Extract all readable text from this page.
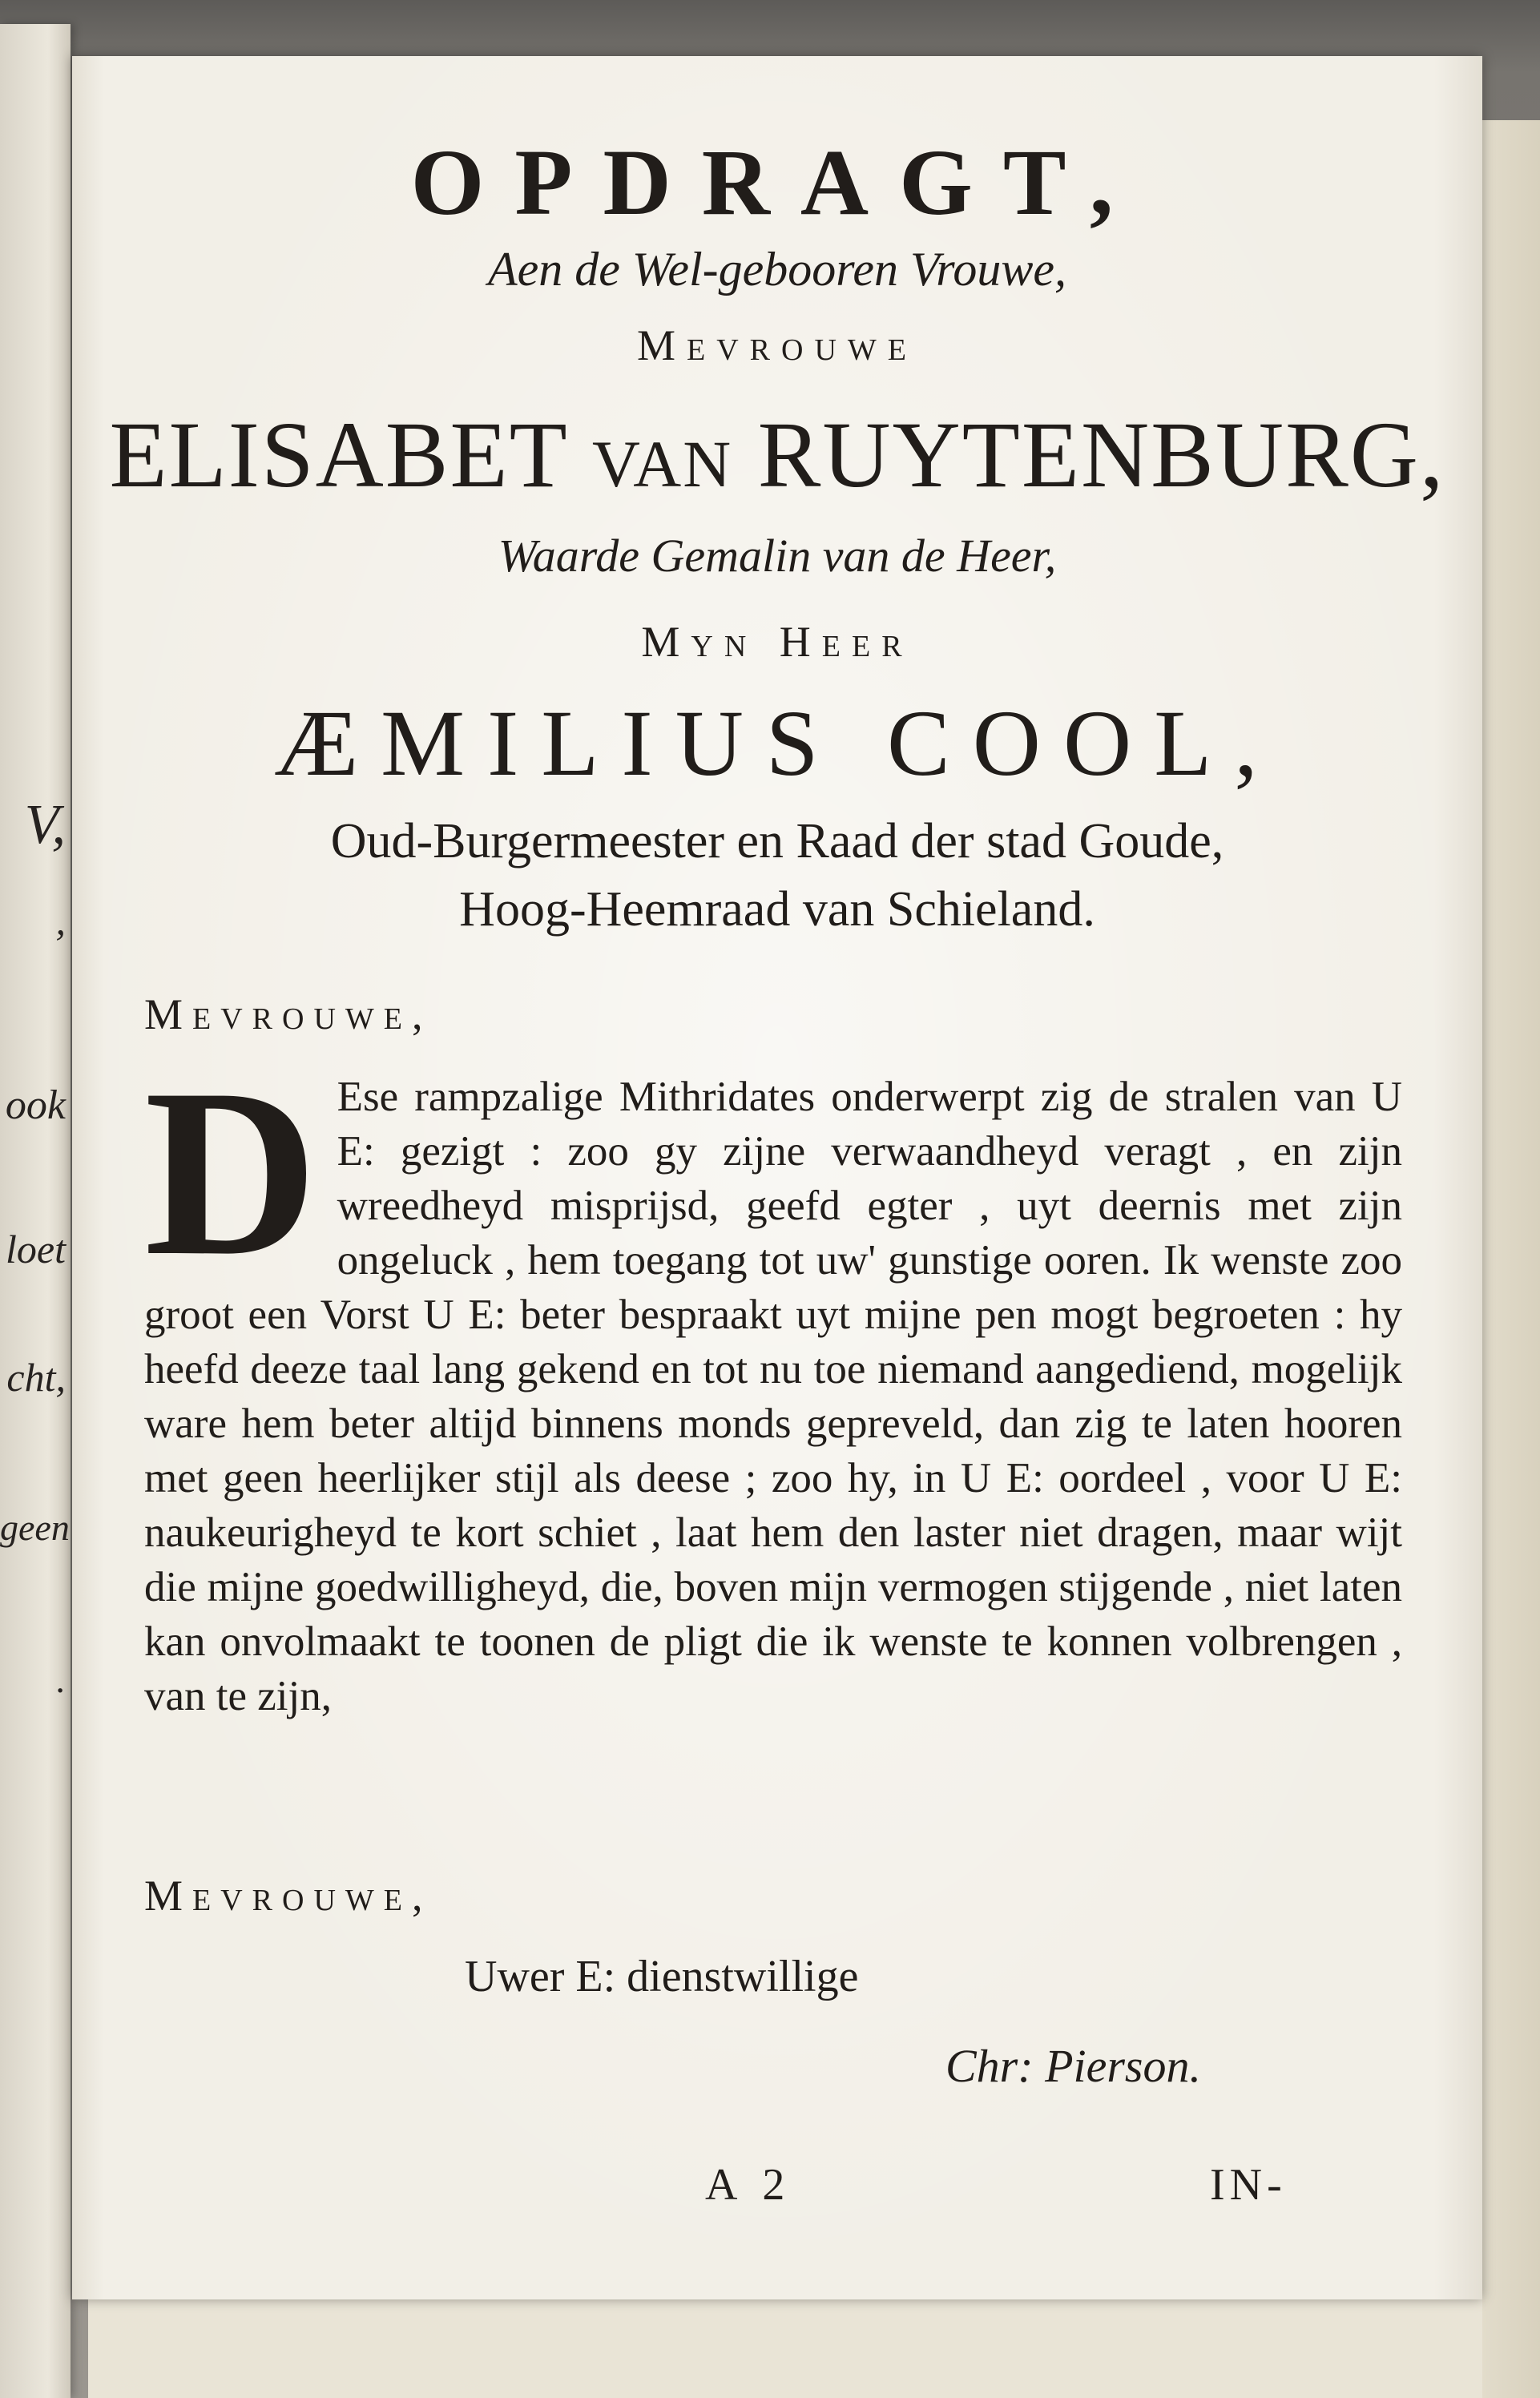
V,
,
ook
loet
cht,
geen
.
OPDRAGT,
Aen de Wel-gebooren Vrouwe,
Mevrouwe
ELISABET van RUYTENBURG,
Waarde Gemalin van de Heer,
Myn Heer
ÆMILIUS COOL,
Oud-Burgermeester en Raad der stad Goude,
Hoog-Heemraad van Schieland.
Mevrouwe,
D Ese rampzalige Mithridates onderwerpt zig de stralen van U E: gezigt : zoo gy zijne verwaandheyd veragt , en zijn wreedheyd misprijsd, geefd egter , uyt deernis met zijn ongeluck , hem toegang tot uw' gunstige ooren. Ik wenste zoo groot een Vorst U E: beter bespraakt uyt mijne pen mogt begroeten : hy heefd deeze taal lang gekend en tot nu toe niemand aangediend, mogelijk ware hem beter altijd binnens monds gepreveld, dan zig te laten hooren met geen heerlijker stijl als deese ; zoo hy, in U E: oordeel , voor U E: naukeurigheyd te kort schiet , laat hem den laster niet dragen, maar wijt die mijne goedwilligheyd, die, boven mijn vermogen stijgende , niet laten kan onvolmaakt te toonen de pligt die ik wenste te konnen volbrengen , van te zijn,
Mevrouwe,
Uwer E: dienstwillige
Chr: Pierson.
A 2	IN-
